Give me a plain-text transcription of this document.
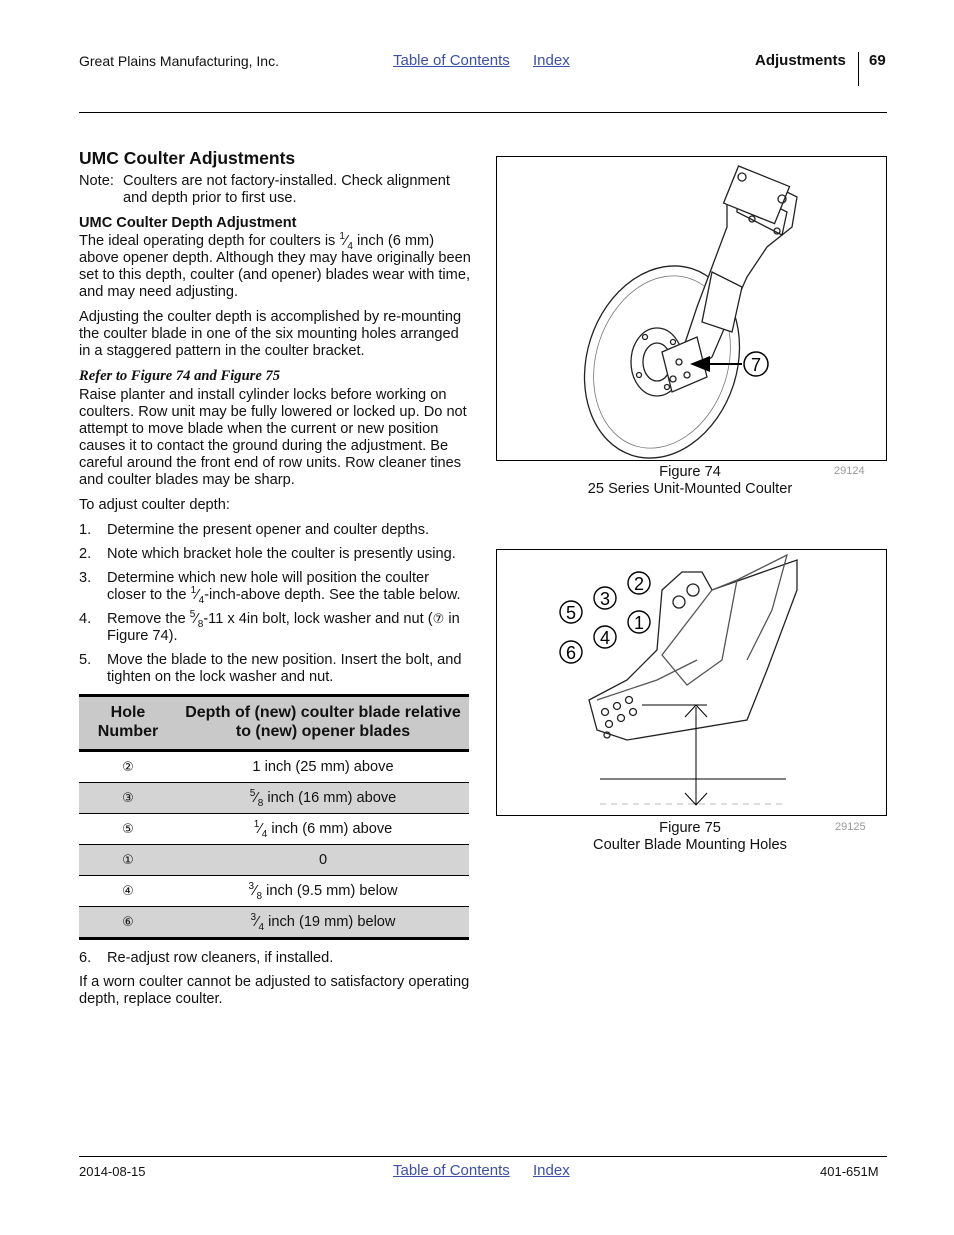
Great Plains Manufacturing, Inc.	Table of Contents Index	Adjustments 69
UMC Coulter Adjustments
Note: Coulters are not factory-installed. Check alignment and depth prior to first use.
UMC Coulter Depth Adjustment

The ideal operating depth for coulters is $^1⁄_4$ inch (6 mm) above opener depth. Although they may have originally been set to this depth, coulter (and opener) blades wear with time, and may need adjusting.

Adjusting the coulter depth is accomplished by re-mounting the coulter blade in one of the six mounting holes arranged in a staggered pattern in the coulter bracket.

Refer to Figure 74 and Figure 75

Raise planter and install cylinder locks before working on coulters. Row unit may be fully lowered or locked up. Do not attempt to move blade when the current or new position causes it to contact the ground during the adjustment. Be careful around the front end of row units. Row cleaner tines and coulter blades may be sharp.

To adjust coulter depth:

1.	Determine the present opener and coulter depths.
2.	Note which bracket hole the coulter is presently using.
3.	Determine which new hole will position the coulter closer to the $^1⁄_4-inch$-above depth. See the table below.
4.	Remove the $^5⁄_8-11$ x 4in bolt, lock washer and nut (⑦ in Figure 74).
5.	Move the blade to the new position. Insert the bolt, and tighten on the lock washer and nut.
Hole Number	Depth of (new) coulter blade relative to (new) opener blades
②	1 inch (25 mm) above
③	$^5⁄_8$ inch (16 mm) above
⑤	$^1⁄_4$ inch (6 mm) above
①	0
④	$^3⁄_8$ inch (9.5 mm) below
⑥	$^3⁄_4$ inch (19 mm) below
6.	Re-adjust row cleaners, if installed.

If a worn coulter cannot be adjusted to satisfactory operating depth, replace coulter.

7
Figure 74
25 Series Unit-Mounted Coulter
29124
2
5
3
1
6
4
Figure 75
Coulter Blade Mounting Holes
29125
2014-08-15	Table of Contents Index	401-651M
